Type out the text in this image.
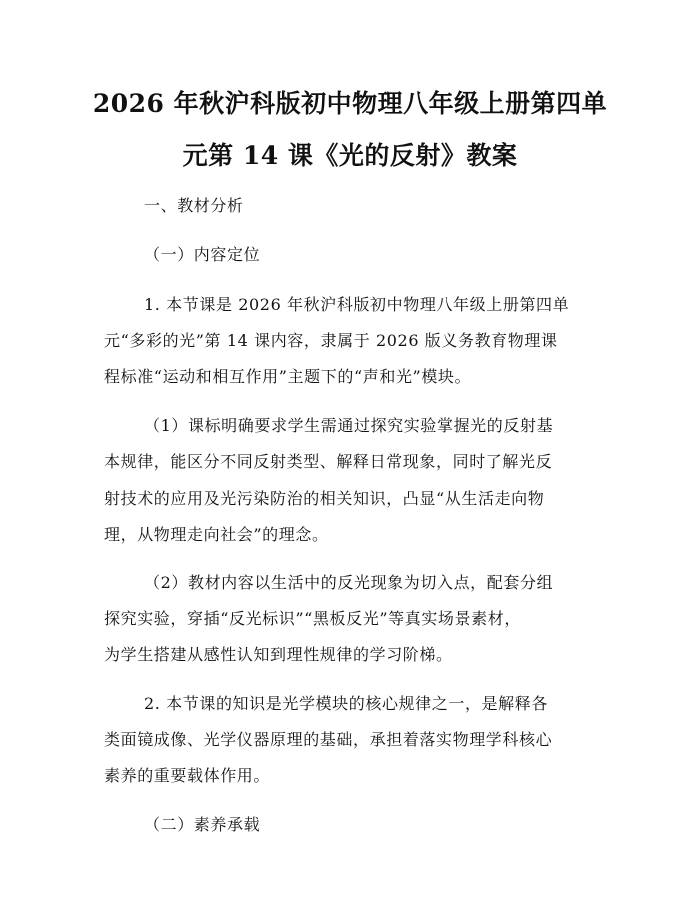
2026 年秋沪科版初中物理八年级上册第四单
元第 14 课《光的反射》教案
一、教材分析
（一）内容定位
1. 本节课是 2026 年秋沪科版初中物理八年级上册第四单
元“多彩的光”第 14 课内容，隶属于 2026 版义务教育物理课
程标准“运动和相互作用”主题下的“声和光”模块。
（1）课标明确要求学生需通过探究实验掌握光的反射基
本规律，能区分不同反射类型、解释日常现象，同时了解光反
射技术的应用及光污染防治的相关知识，凸显“从生活走向物
理，从物理走向社会”的理念。
（2）教材内容以生活中的反光现象为切入点，配套分组
探究实验，穿插“反光标识”“黑板反光”等真实场景素材，
为学生搭建从感性认知到理性规律的学习阶梯。
2. 本节课的知识是光学模块的核心规律之一，是解释各
类面镜成像、光学仪器原理的基础，承担着落实物理学科核心
素养的重要载体作用。
（二）素养承载
